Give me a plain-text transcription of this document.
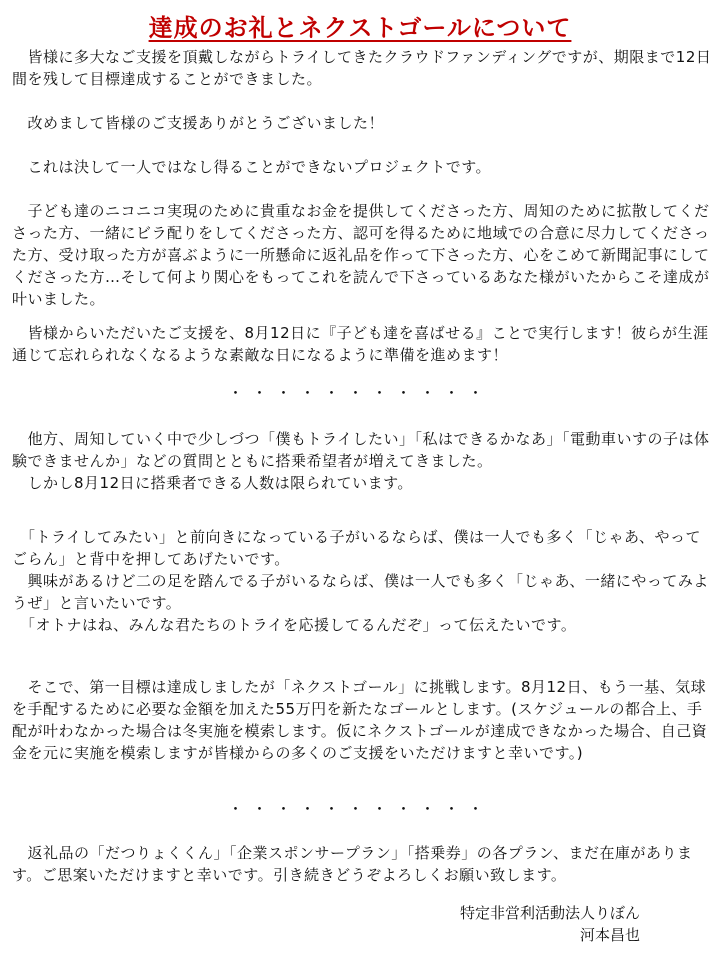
達成のお礼とネクストゴールについて
　皆様に多大なご支援を頂戴しながらトライしてきたクラウドファンディングですが、期限まで12日間を残して目標達成することができました。
　改めまして皆様のご支援ありがとうございました！
　これは決して一人ではなし得ることができないプロジェクトです。
　子ども達のニコニコ実現のために貴重なお金を提供してくださった方、周知のために拡散してくださった方、一緒にビラ配りをしてくださった方、認可を得るために地域での合意に尽力してくださった方、受け取った方が喜ぶように一所懸命に返礼品を作って下さった方、心をこめて新聞記事にしてくださった方…そして何より関心をもってこれを読んで下さっているあなた様がいたからこそ達成が叶いました。
　皆様からいただいたご支援を、8月12日に『子ども達を喜ばせる』ことで実行します！彼らが生涯通じて忘れられなくなるような素敵な日になるように準備を進めます！
・・・・・・・・・・・
　他方、周知していく中で少しづつ「僕もトライしたい」「私はできるかなあ」「電動車いすの子は体験できませんか」などの質問とともに搭乗希望者が増えてきました。
　しかし8月12日に搭乗者できる人数は限られています。
　「トライしてみたい」と前向きになっている子がいるならば、僕は一人でも多く「じゃあ、やってごらん」と背中を押してあげたいです。
　興味があるけど二の足を踏んでる子がいるならば、僕は一人でも多く「じゃあ、一緒にやってみようぜ」と言いたいです。
　「オトナはね、みんな君たちのトライを応援してるんだぞ」って伝えたいです。
　そこで、第一目標は達成しましたが「ネクストゴール」に挑戦します。8月12日、もう一基、気球を手配するために必要な金額を加えた55万円を新たなゴールとします。(スケジュールの都合上、手配が叶わなかった場合は冬実施を模索します。仮にネクストゴールが達成できなかった場合、自己資金を元に実施を模索しますが皆様からの多くのご支援をいただけますと幸いです。)
・・・・・・・・・・・
　返礼品の「だつりょくくん」「企業スポンサープラン」「搭乗券」の各プラン、まだ在庫があります。ご思案いただけますと幸いです。引き続きどうぞよろしくお願い致します。
特定非営利活動法人りぼん
河本昌也
